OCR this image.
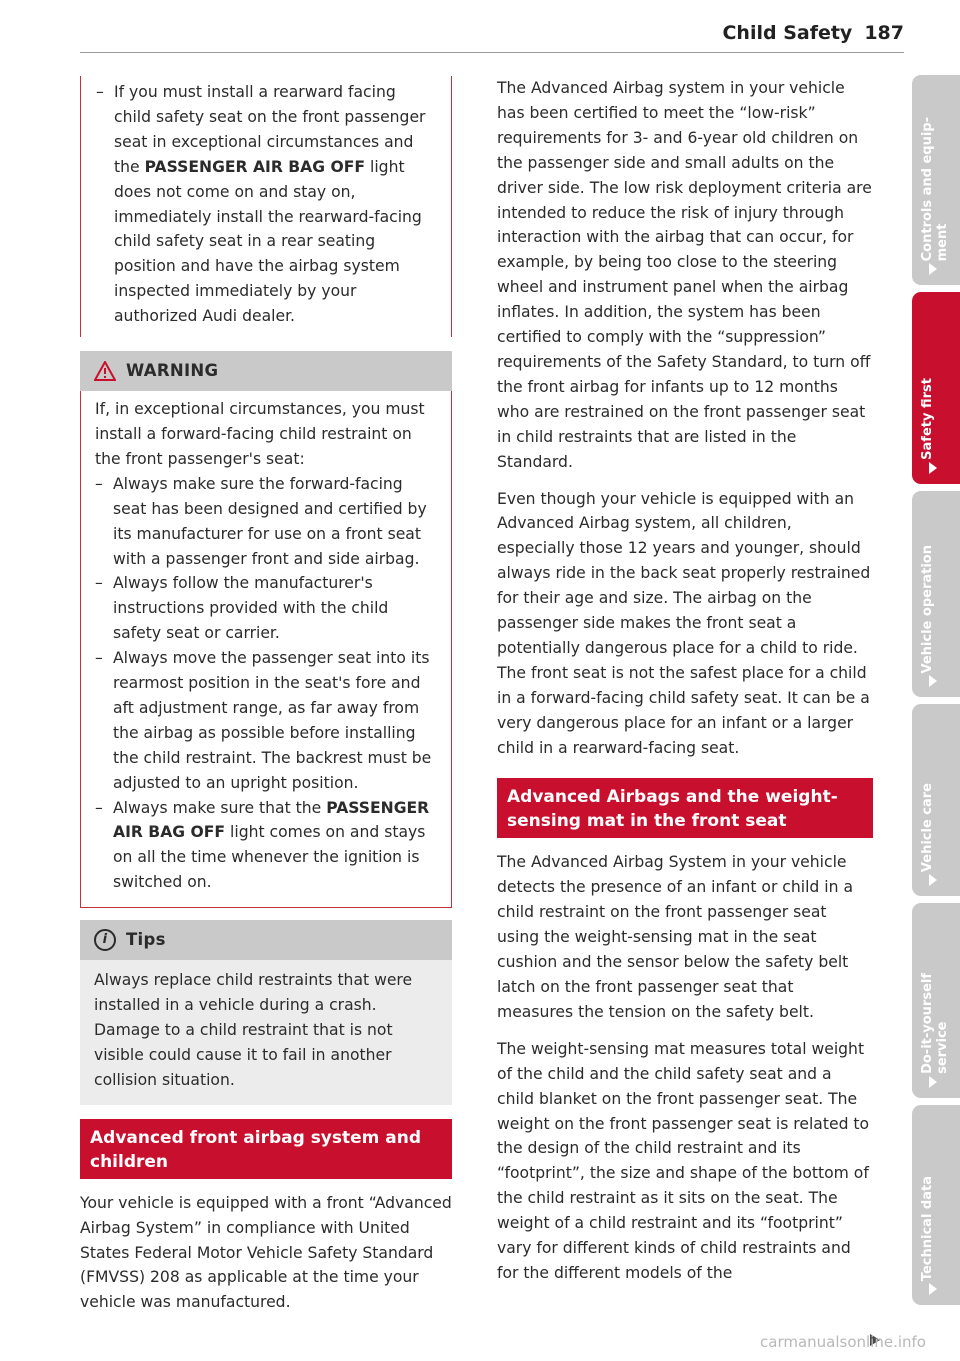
Child Safety 187
– If you must install a rearward facing child safety seat on the front passenger seat in exceptional circumstances and the PASSENGER AIR BAG OFF light does not come on and stay on, immediately install the rearward-facing child safety seat in a rear seating position and have the airbag system inspected immediately by your authorized Audi dealer.
WARNING

If, in exceptional circumstances, you must install a forward-facing child restraint on the front passenger's seat:

– Always make sure the forward-facing seat has been designed and certified by its manufacturer for use on a front seat with a passenger front and side airbag.
– Always follow the manufacturer's instructions provided with the child safety seat or carrier.
– Always move the passenger seat into its rearmost position in the seat's fore and aft adjustment range, as far away from the airbag as possible before installing the child restraint. The backrest must be adjusted to an upright position.
– Always make sure that the PASSENGER AIR BAG OFF light comes on and stays on all the time whenever the ignition is switched on.
i	Tips

Always replace child restraints that were installed in a vehicle during a crash. Damage to a child restraint that is not visible could cause it to fail in another collision situation.

Advanced front airbag system and children

Your vehicle is equipped with a front “Advanced Airbag System” in compliance with United States Federal Motor Vehicle Safety Standard (FMVSS) 208 as applicable at the time your vehicle was manufactured.

The Advanced Airbag system in your vehicle has been certified to meet the “low-risk” requirements for 3- and 6-year old children on the passenger side and small adults on the driver side. The low risk deployment criteria are intended to reduce the risk of injury through interaction with the airbag that can occur, for example, by being too close to the steering wheel and instrument panel when the airbag inflates. In addition, the system has been certified to comply with the “suppression” requirements of the Safety Standard, to turn off the front airbag for infants up to 12 months who are restrained on the front passenger seat in child restraints that are listed in the Standard.

Even though your vehicle is equipped with an Advanced Airbag system, all children, especially those 12 years and younger, should always ride in the back seat properly restrained for their age and size. The airbag on the passenger side makes the front seat a potentially dangerous place for a child to ride. The front seat is not the safest place for a child in a forward-facing child safety seat. It can be a very dangerous place for an infant or a larger child in a rearward-facing seat.

Advanced Airbags and the weight-sensing mat in the front seat

The Advanced Airbag System in your vehicle detects the presence of an infant or child in a child restraint on the front passenger seat using the weight-sensing mat in the seat cushion and the sensor below the safety belt latch on the front passenger seat that measures the tension on the safety belt.

The weight-sensing mat measures total weight of the child and the child safety seat and a child blanket on the front passenger seat. The weight on the front passenger seat is related to the design of the child restraint and its “footprint”, the size and shape of the bottom of the child restraint as it sits on the seat. The weight of a child restraint and its “footprint” vary for different kinds of child restraints and for the different models of the

Controls and equip-
ment
Safety first
Vehicle operation
Vehicle care
Do-it-yourself
service
Technical data
carmanualsonline.info
